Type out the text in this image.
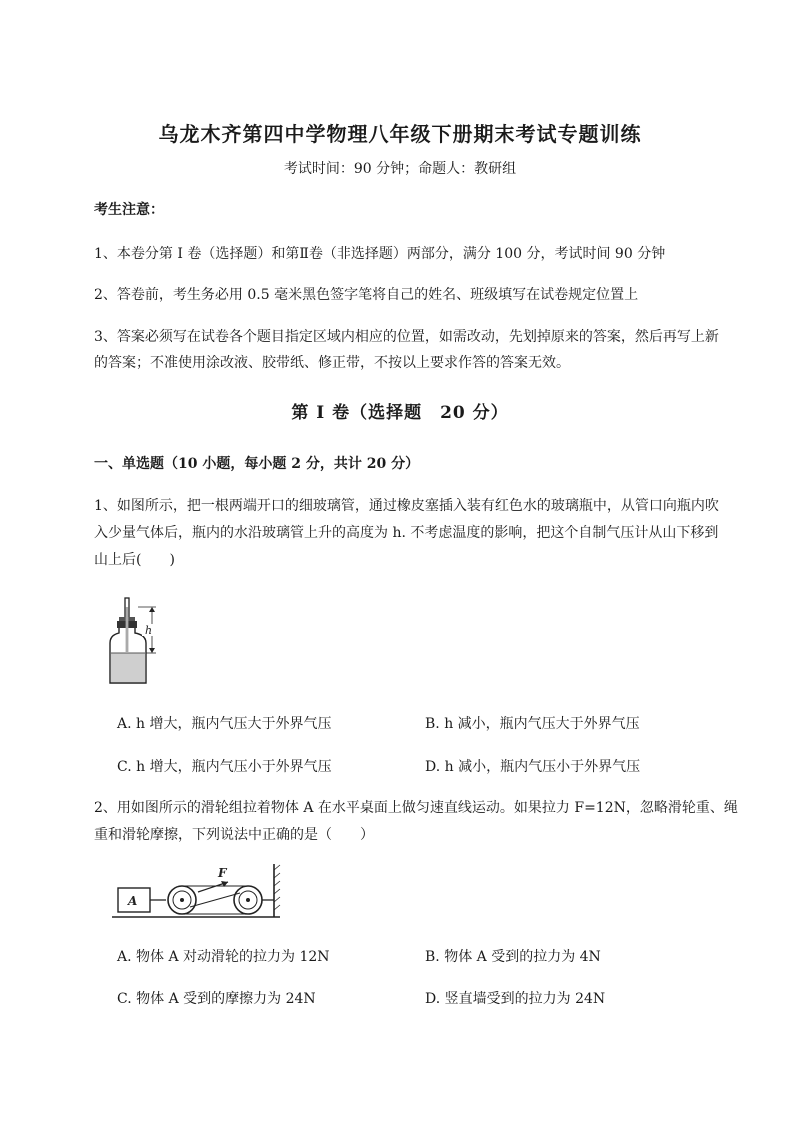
乌龙木齐第四中学物理八年级下册期末考试专题训练
考试时间：90 分钟；命题人：教研组
考生注意：
1、本卷分第 I 卷（选择题）和第Ⅱ卷（非选择题）两部分，满分 100 分，考试时间 90 分钟
2、答卷前，考生务必用 0.5 毫米黑色签字笔将自己的姓名、班级填写在试卷规定位置上
3、答案必须写在试卷各个题目指定区域内相应的位置，如需改动，先划掉原来的答案，然后再写上新
的答案；不准使用涂改液、胶带纸、修正带，不按以上要求作答的答案无效。
第 I 卷（选择题　20 分）
一、单选题（10 小题，每小题 2 分，共计 20 分）
1、如图所示，把一根两端开口的细玻璃管，通过橡皮塞插入装有红色水的玻璃瓶中，从管口向瓶内吹
入少量气体后，瓶内的水沿玻璃管上升的高度为 h. 不考虑温度的影响，把这个自制气压计从山下移到
山上后(　　)
h
A. h 增大，瓶内气压大于外界气压	B. h 减小，瓶内气压大于外界气压
C. h 增大，瓶内气压小于外界气压	D. h 减小，瓶内气压小于外界气压
2、用如图所示的滑轮组拉着物体 A 在水平桌面上做匀速直线运动。如果拉力 F=12N，忽略滑轮重、绳
重和滑轮摩擦，下列说法中正确的是（　　）
A
F
A. 物体 A 对动滑轮的拉力为 12N	B. 物体 A 受到的拉力为 4N
C. 物体 A 受到的摩擦力为 24N	D. 竖直墙受到的拉力为 24N
